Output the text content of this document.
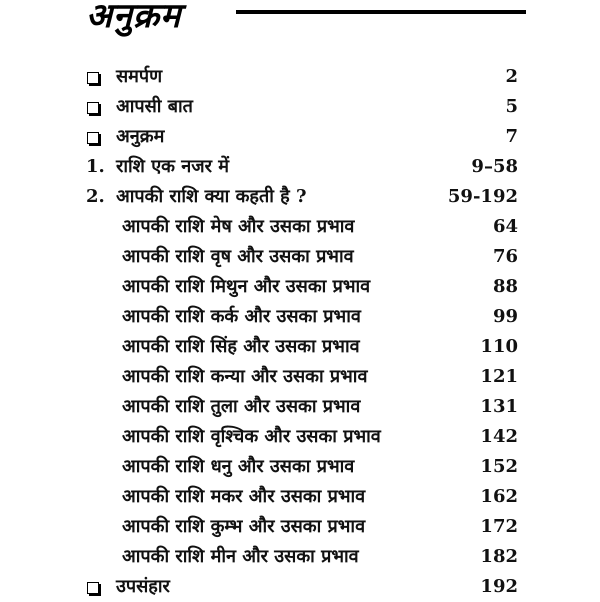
अनुक्रम
समर्पण	2
आपसी बात	5
अनुक्रम	7
1. राशि एक नजर में	9–58
2. आपकी राशि क्या कहती है ?	59-192
आपकी राशि मेष और उसका प्रभाव	64
आपकी राशि वृष और उसका प्रभाव	76
आपकी राशि मिथुन और उसका प्रभाव	88
आपकी राशि कर्क और उसका प्रभाव	99
आपकी राशि सिंह और उसका प्रभाव	110
आपकी राशि कन्या और उसका प्रभाव	121
आपकी राशि तुला और उसका प्रभाव	131
आपकी राशि वृश्चिक और उसका प्रभाव	142
आपकी राशि धनु और उसका प्रभाव	152
आपकी राशि मकर और उसका प्रभाव	162
आपकी राशि कुम्भ और उसका प्रभाव	172
आपकी राशि मीन और उसका प्रभाव	182
उपसंहार	192
